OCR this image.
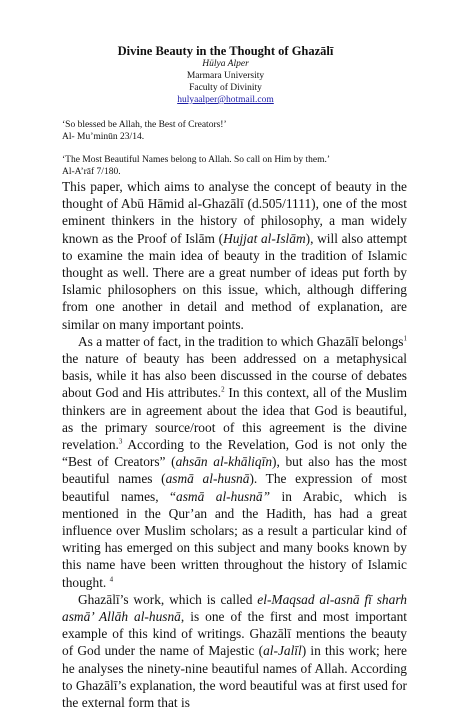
Divine Beauty in the Thought of Ghazālī
Hülya Alper
Marmara University
Faculty of Divinity
hulyaalper@hotmail.com
‘So blessed be Allah, the Best of Creators!’
Al- Mu’minūn 23/14.
‘The Most Beautiful Names belong to Allah. So call on Him by them.’
Al-A’rāf 7/180.

This paper, which aims to analyse the concept of beauty in the thought of Abū Hāmid al-Ghazālī (d.505/1111), one of the most eminent thinkers in the history of philosophy, a man widely known as the Proof of Islām (Hujjat al-Islām), will also attempt to examine the main idea of beauty in the tradition of Islamic thought as well. There are a great number of ideas put forth by Islamic philosophers on this issue, which, although differing from one another in detail and method of explanation, are similar on many important points.

As a matter of fact, in the tradition to which Ghazālī belongs$^1$ the nature of beauty has been addressed on a metaphysical basis, while it has also been discussed in the course of debates about God and His attributes.$^2$ In this context, all of the Muslim thinkers are in agreement about the idea that God is beautiful, as the primary source/root of this agreement is the divine revelation.$^3$ According to the Revelation, God is not only the “Best of Creators” (ahsān al-khāliqīn), but also has the most beautiful names (asmā al-husnā). The expression of most beautiful names, “asmā al-husnā” in Arabic, which is mentioned in the Qur’an and the Hadith, has had a great influence over Muslim scholars; as a result a particular kind of writing has emerged on this subject and many books known by this name have been written throughout the history of Islamic thought. $^4$

Ghazālī’s work, which is called el-Maqsad al-asnā fī sharh asmā’ Allāh al-husnā, is one of the first and most important example of this kind of writings. Ghazālī mentions the beauty of God under the name of Majestic (al-Jalīl) in this work; here he analyses the ninety-nine beautiful names of Allah. According to Ghazālī’s explanation, the word beautiful was at first used for the external form that is
